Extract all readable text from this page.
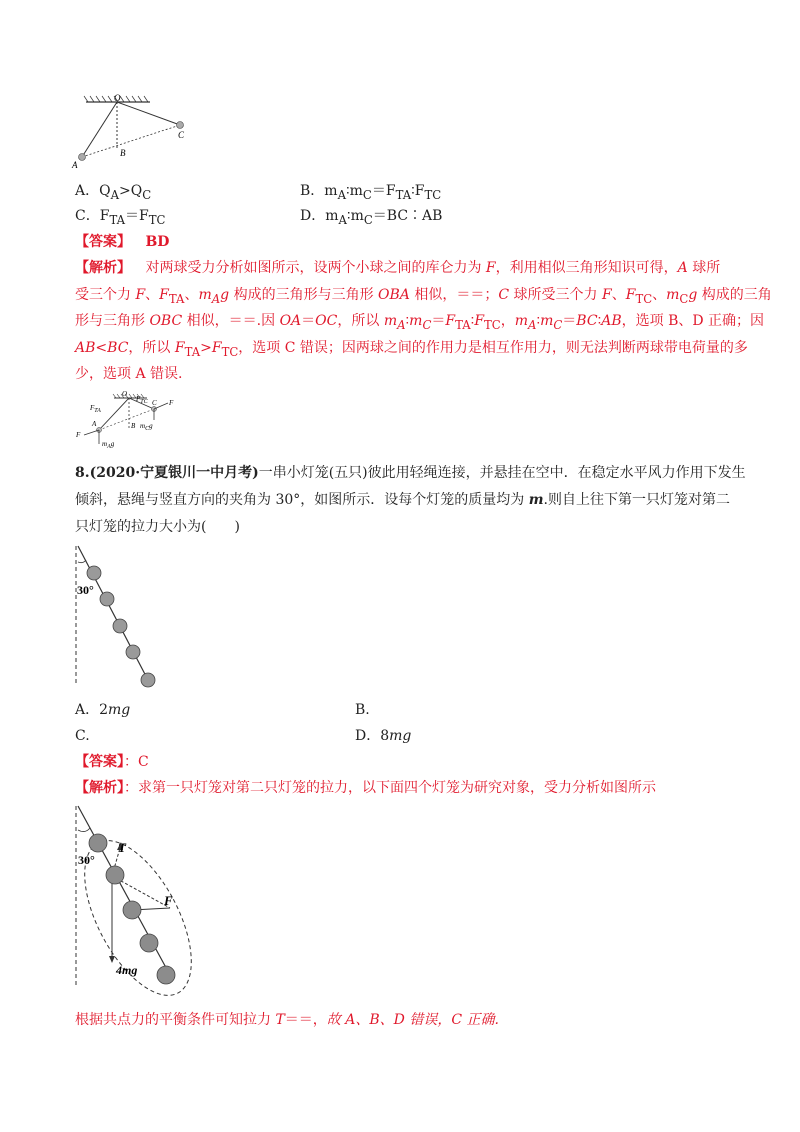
O
A
B
C
A．$Q_A>Q_C$	B．$m_A∶m_C=F_{TA}∶F_{TC}$
C．$F_{TA}=F_{TC}$	D．$m_A∶m_C=BC∶AB$
【答案】 BD
【解析】 对两球受力分析如图所示，设两个小球之间的库仑力为 F，利用相似三角形知识可得，A 球所
受三个力 F、$F_{TA}$、$m_Ag$ 构成的三角形与三角形 OBA 相似，＝＝；C 球所受三个力 F、$F_{TC}$、$m_Cg$ 构成的三角
形与三角形 OBC 相似，＝＝.因 OA＝OC，所以 $m_A∶m_C=F_{TA}∶F_{TC}$，$m_A∶m_C=BC∶AB$，选项 B、D 正确；因
AB<BC，所以 $F_{TA}>F_{TC}$，选项 C 错误；因两球之间的作用力是相互作用力，则无法判断两球带电荷量的多
少，选项 A 错误.
O
FTA
FTC
A	B
C
F
F
mAg
mCg
8.(2020·宁夏银川一中月考)一串小灯笼(五只)彼此用轻绳连接，并悬挂在空中．在稳定水平风力作用下发生
倾斜，悬绳与竖直方向的夹角为 30°，如图所示．设每个灯笼的质量均为 m.则自上往下第一只灯笼对第二
只灯笼的拉力大小为(　　)
30°
A．2mg	B.
C.	D．8mg
【答案】：C
【解析】：求第一只灯笼对第二只灯笼的拉力，以下面四个灯笼为研究对象，受力分析如图所示
30°
T
F
4mg
根据共点力的平衡条件可知拉力 T＝＝，故 A、B、D 错误，C 正确.
